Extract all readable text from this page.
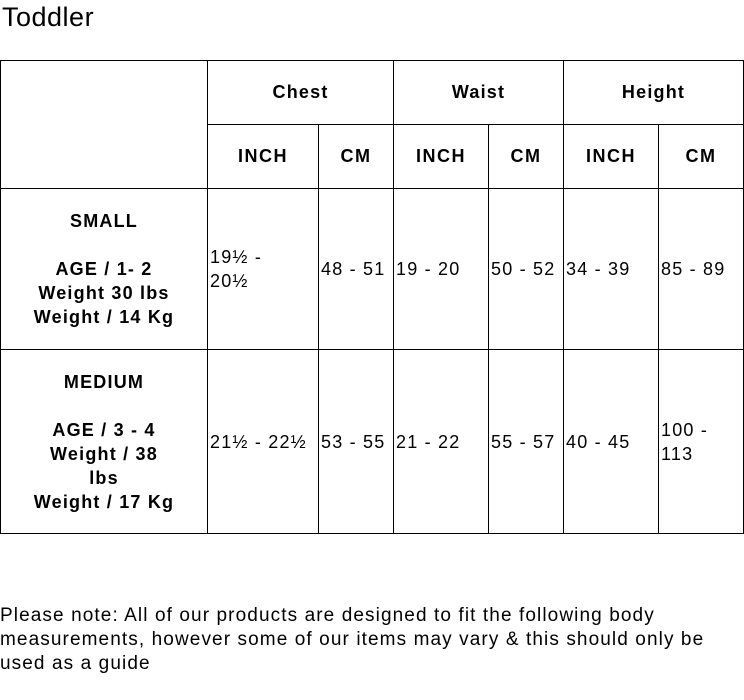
Toddler
	Chest		Waist		Height	
	INCH	CM	INCH	CM	INCH	CM

SMALL
AGE / 1- 2
Weight 30 lbs
Weight / 14 Kg	19½ - 20½	48 - 51	19 - 20	50 - 52	34 - 39	85 - 89

MEDIUM
AGE / 3 - 4
Weight / 38
lbs
Weight / 17 Kg	21½ - 22½	53 - 55	21 - 22	55 - 57	40 - 45	100 - 113
Please note: All of our products are designed to fit the following body measurements, however some of our items may vary & this should only be used as a guide
